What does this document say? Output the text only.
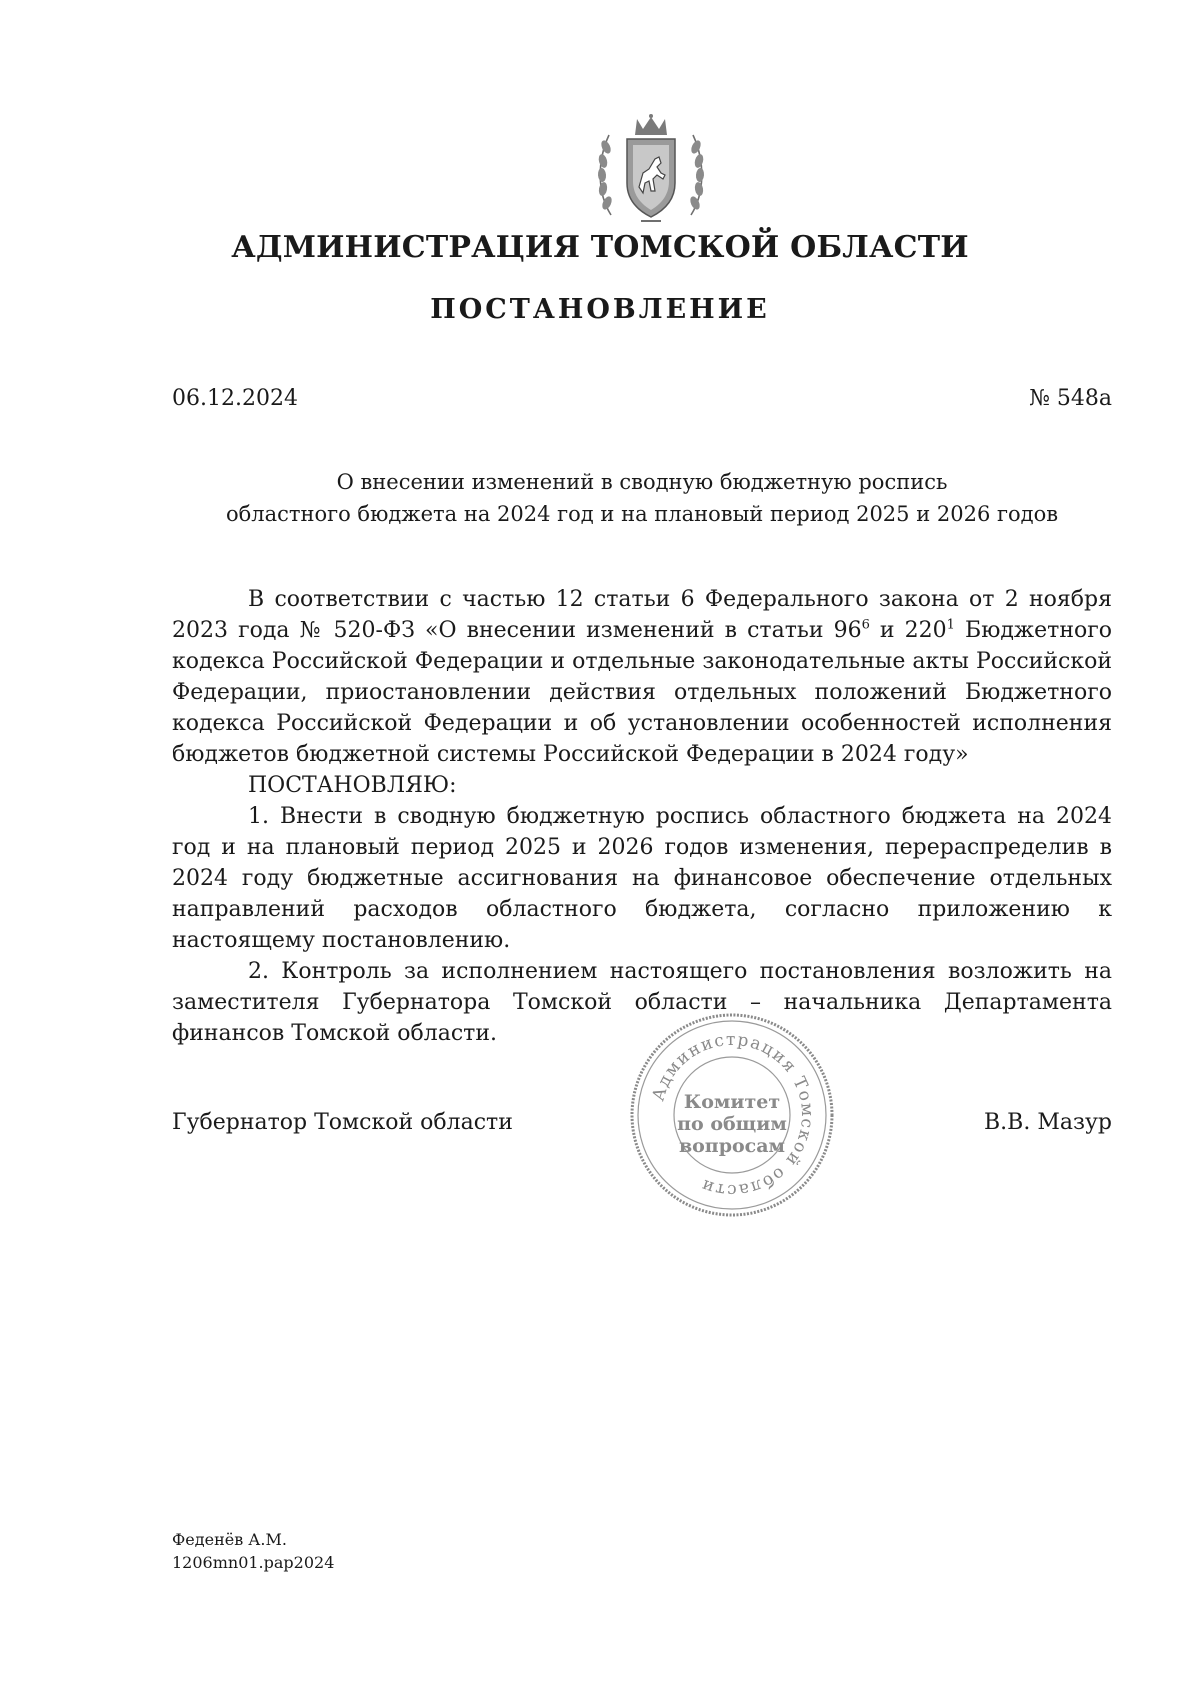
АДМИНИСТРАЦИЯ ТОМСКОЙ ОБЛАСТИ
ПОСТАНОВЛЕНИЕ
06.12.2024	№ 548а
О внесении изменений в сводную бюджетную роспись
областного бюджета на 2024 год и на плановый период 2025 и 2026 годов

В соответствии с частью 12 статьи 6 Федерального закона от 2 ноября 2023 года № 520-ФЗ «О внесении изменений в статьи $96^6$ и $220^1$ Бюджетного кодекса Российской Федерации и отдельные законодательные акты Российской Федерации, приостановлении действия отдельных положений Бюджетного кодекса Российской Федерации и об установлении особенностей исполнения бюджетов бюджетной системы Российской Федерации в 2024 году»

ПОСТАНОВЛЯЮ:

1. Внести в сводную бюджетную роспись областного бюджета на 2024 год и на плановый период 2025 и 2026 годов изменения, перераспределив в 2024 году бюджетные ассигнования на финансовое обеспечение отдельных направлений расходов областного бюджета, согласно приложению к настоящему постановлению.

2. Контроль за исполнением настоящего постановления возложить на заместителя Губернатора Томской области – начальника Департамента финансов Томской области.

Администрация Томской области
Комитет
по общим
вопросам
Губернатор Томской области	В.В. Мазур
Феденёв А.М.
1206mn01.pap2024
